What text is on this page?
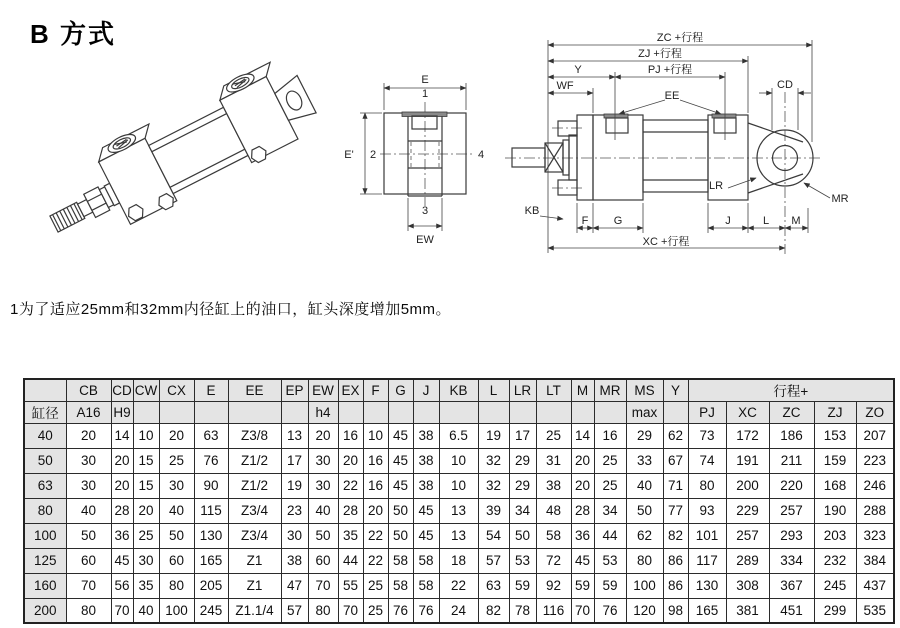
B 方式
E
E'
EW
1
2
3
4
ZC +行程
ZJ +行程
Y	PJ +行程
WF
EE
CD
KB
F G	J	L M
XC +行程
LR
MR
1为了适应25mm和32mm内径缸上的油口，缸头深度增加5mm。
	CB	CD	CW	CX	E	EE	EP	EW	EX	F	G	J	KB	L	LR	LT	M	MR	MS	Y	行程+				
缸径	A16	H9						h4											max		PJ	XC	ZC	ZJ	ZO
40	20	14	10	20	63	Z3/8	13	20	16	10	45	38	6.5	19	17	25	14	16	29	62	73	172	186	153	207
50	30	20	15	25	76	Z1/2	17	30	20	16	45	38	10	32	29	31	20	25	33	67	74	191	211	159	223
63	30	20	15	30	90	Z1/2	19	30	22	16	45	38	10	32	29	38	20	25	40	71	80	200	220	168	246
80	40	28	20	40	115	Z3/4	23	40	28	20	50	45	13	39	34	48	28	34	50	77	93	229	257	190	288
100	50	36	25	50	130	Z3/4	30	50	35	22	50	45	13	54	50	58	36	44	62	82	101	257	293	203	323
125	60	45	30	60	165	Z1	38	60	44	22	58	58	18	57	53	72	45	53	80	86	117	289	334	232	384
160	70	56	35	80	205	Z1	47	70	55	25	58	58	22	63	59	92	59	59	100	86	130	308	367	245	437
200	80	70	40	100	245	Z1.1/4	57	80	70	25	76	76	24	82	78	116	70	76	120	98	165	381	451	299	535
